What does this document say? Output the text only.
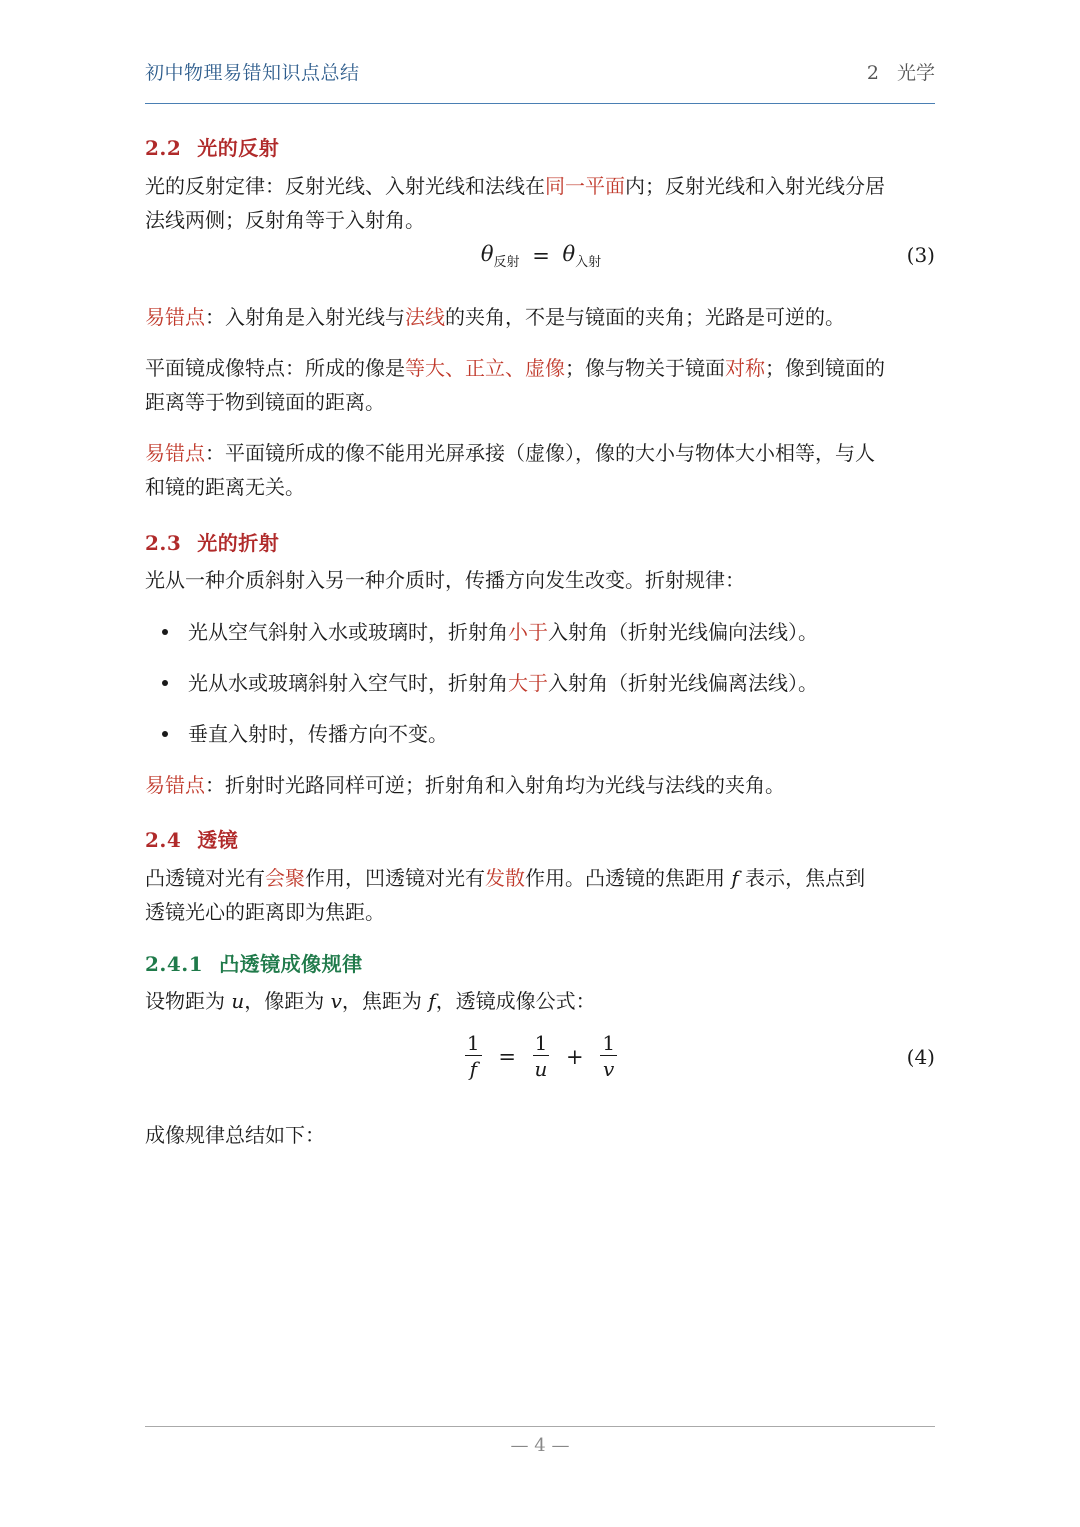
初中物理易错知识点总结	2 光学
2.2 光的反射
光的反射定律：反射光线、入射光线和法线在同一平面内；反射光线和入射光线分居
法线两侧；反射角等于入射角。
$\theta_{反射} = \theta_{入射}$	(3)
易错点：入射角是入射光线与法线的夹角，不是与镜面的夹角；光路是可逆的。
平面镜成像特点：所成的像是等大、正立、虚像；像与物关于镜面对称；像到镜面的
距离等于物到镜面的距离。
易错点：平面镜所成的像不能用光屏承接（虚像），像的大小与物体大小相等，与人
和镜的距离无关。
2.3 光的折射
光从一种介质斜射入另一种介质时，传播方向发生改变。折射规律：
光从空气斜射入水或玻璃时，折射角小于入射角（折射光线偏向法线）。
光从水或玻璃斜射入空气时，折射角大于入射角（折射光线偏离法线）。
垂直入射时，传播方向不变。
易错点：折射时光路同样可逆；折射角和入射角均为光线与法线的夹角。
2.4 透镜
凸透镜对光有会聚作用，凹透镜对光有发散作用。凸透镜的焦距用 f 表示，焦点到
透镜光心的距离即为焦距。
2.4.1 凸透镜成像规律
设物距为 u，像距为 v，焦距为 f，透镜成像公式：
$\frac{1}{f} = \frac{1}{u} + \frac{1}{v}$	(4)
成像规律总结如下：
— 4 —
